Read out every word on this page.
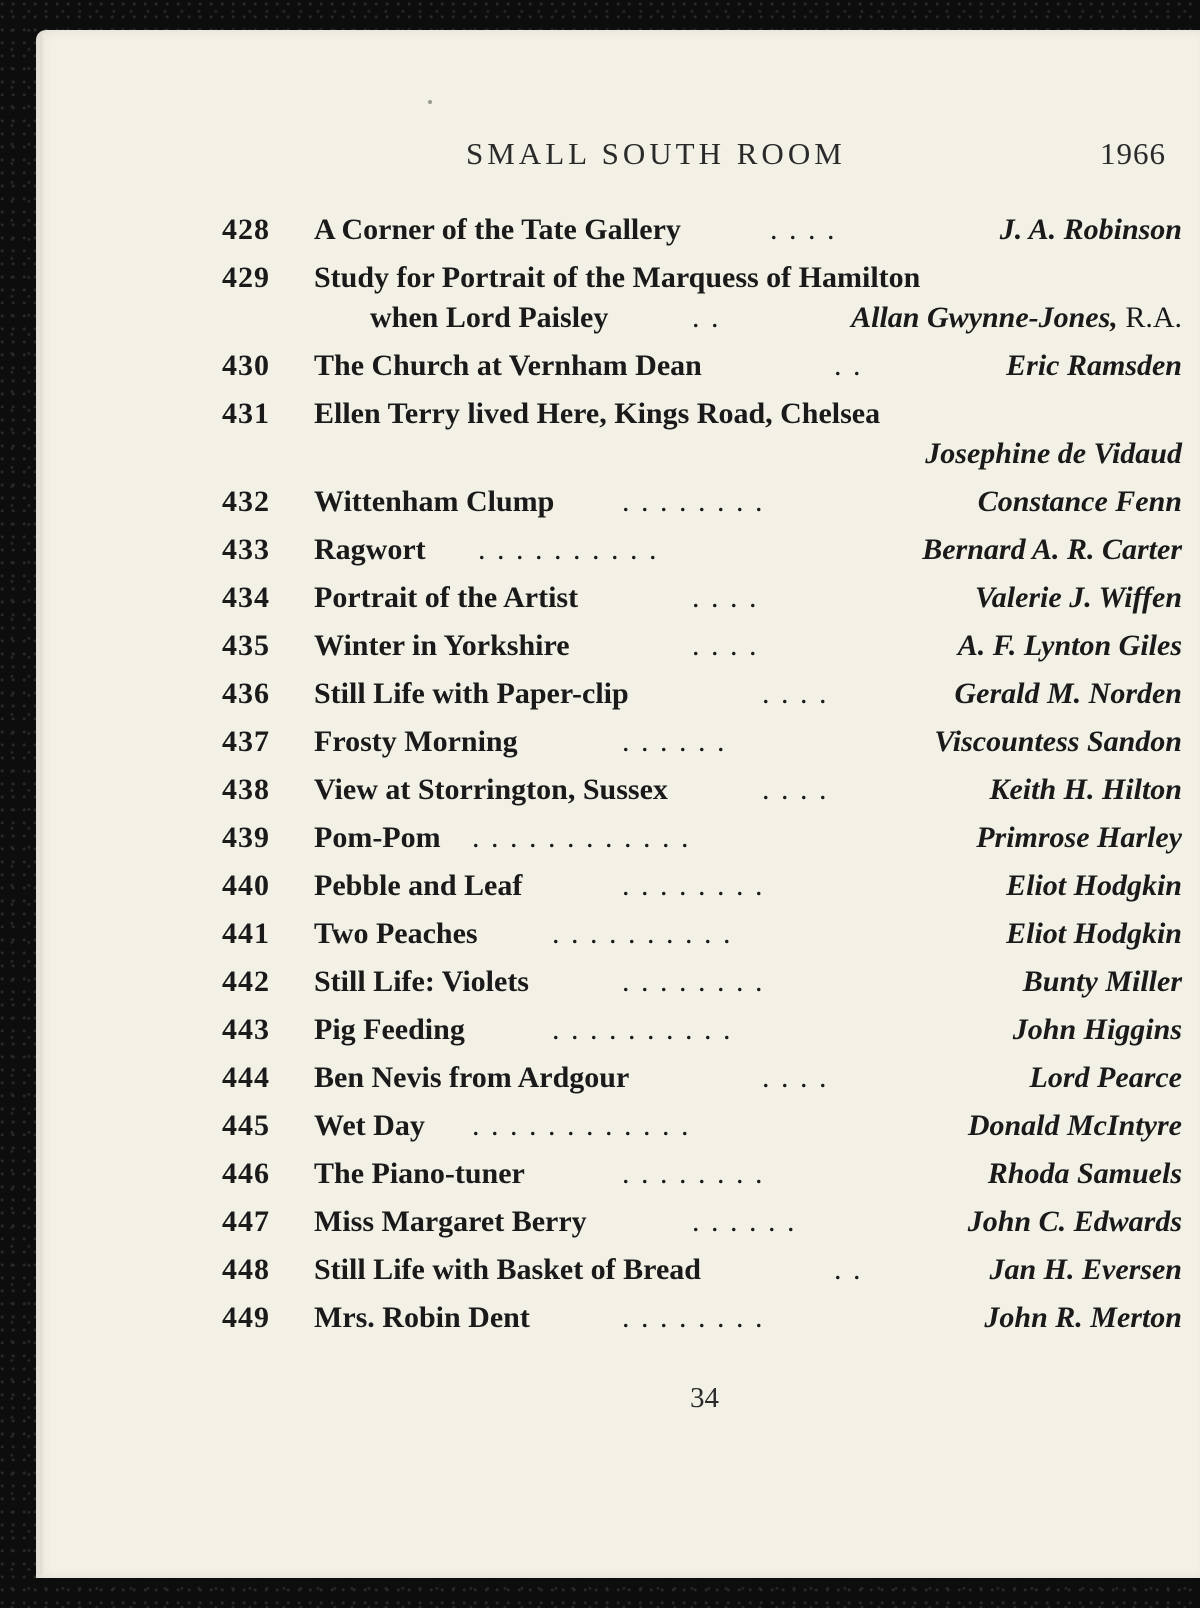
SMALL SOUTH ROOM	1966
428 A Corner of the Tate Gallery	. . . .	J. A. Robinson
429 Study for Portrait of the Marquess of Hamilton
when Lord Paisley	. .	Allan Gwynne-Jones, R.A.
430 The Church at Vernham Dean	. .	Eric Ramsden
431 Ellen Terry lived Here, Kings Road, Chelsea
Josephine de Vidaud
432 Wittenham Clump . . . . . . . .	Constance Fenn
433 Ragwort . . . . . . . . . .	Bernard A. R. Carter
434 Portrait of the Artist	. . . .	Valerie J. Wiffen
435 Winter in Yorkshire	. . . .	A. F. Lynton Giles
436 Still Life with Paper-clip	. . . .	Gerald M. Norden
437 Frosty Morning	. . . . . .	Viscountess Sandon
438 View at Storrington, Sussex	. . . .	Keith H. Hilton
439 Pom-Pom . . . . . . . . . . . .	Primrose Harley
440 Pebble and Leaf	. . . . . . . .	Eliot Hodgkin
441 Two Peaches . . . . . . . . . .	Eliot Hodgkin
442 Still Life: Violets	. . . . . . . .	Bunty Miller
443 Pig Feeding	. . . . . . . . . .	John Higgins
444 Ben Nevis from Ardgour	. . . .	Lord Pearce
445 Wet Day . . . . . . . . . . . .	Donald McIntyre
446 The Piano-tuner	. . . . . . . .	Rhoda Samuels
447 Miss Margaret Berry	. . . . . .	John C. Edwards
448 Still Life with Basket of Bread	. .	Jan H. Eversen
449 Mrs. Robin Dent	. . . . . . . .	John R. Merton
34
